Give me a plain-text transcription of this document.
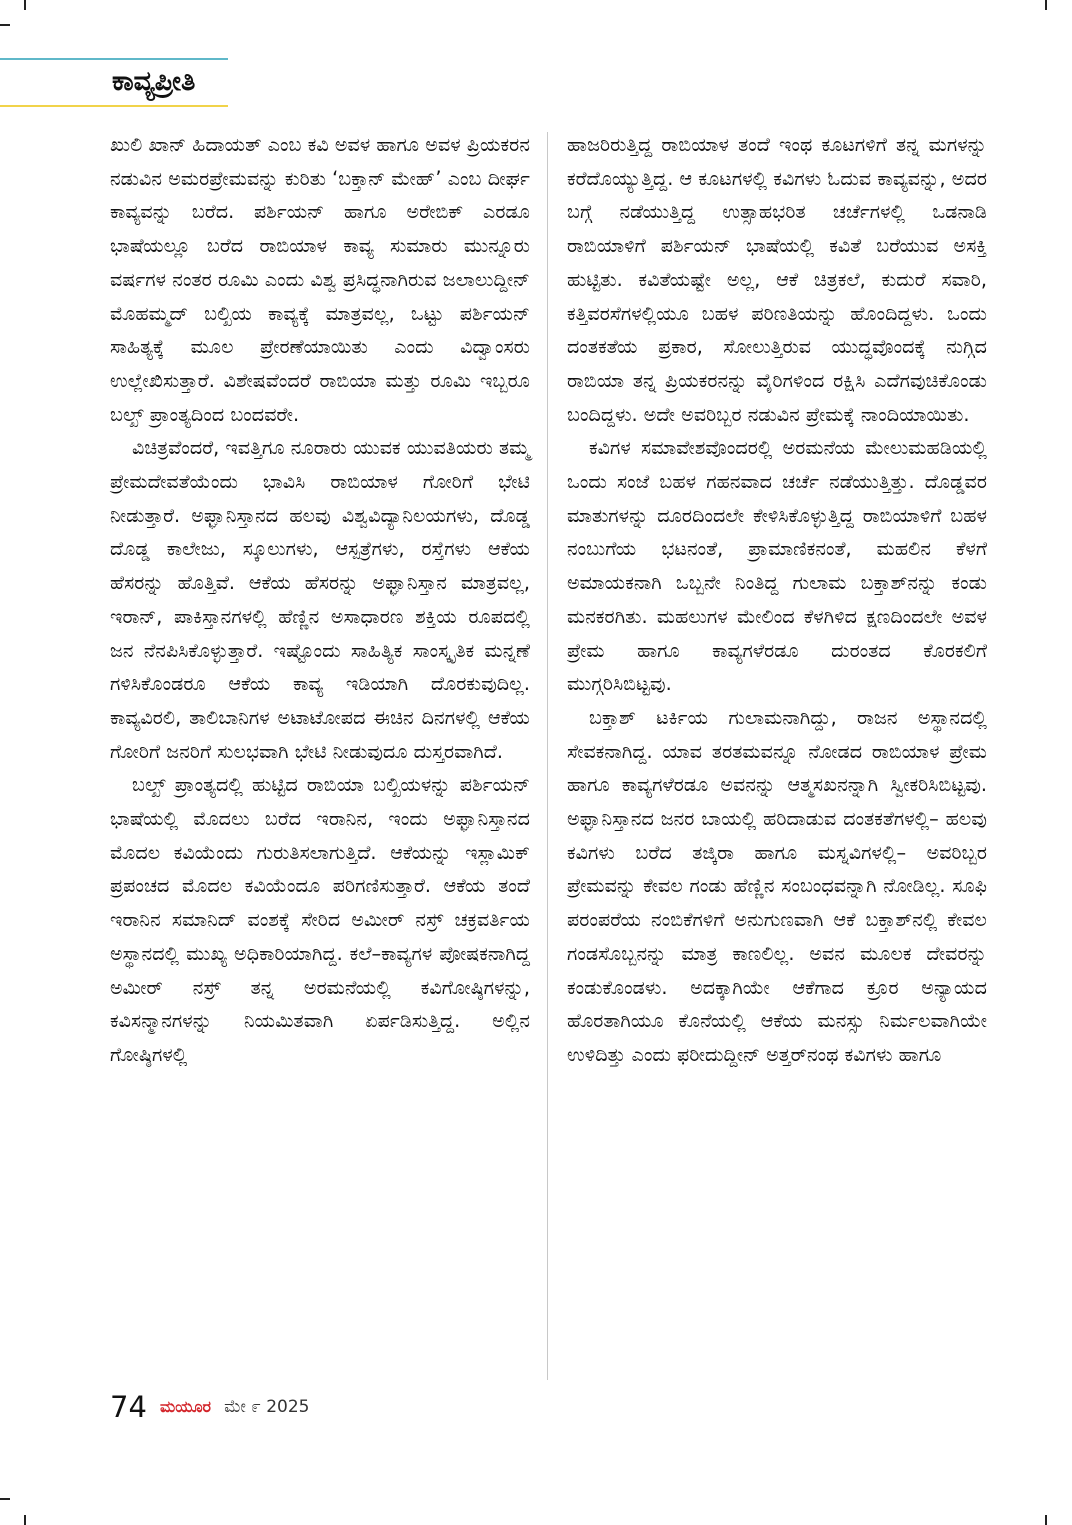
ಕಾವ್ಯಪ್ರೀತಿ

ಖುಲಿ ಖಾನ್ ಹಿದಾಯತ್ ಎಂಬ ಕವಿ ಅವಳ ಹಾಗೂ ಅವಳ ಪ್ರಿಯಕರನ ನಡುವಿನ ಅಮರಪ್ರೇಮವನ್ನು ಕುರಿತು ‘ಬಕ್ತಾನ್ ಮೇಹ್’ ಎಂಬ ದೀರ್ಘ ಕಾವ್ಯವನ್ನು ಬರೆದ. ಪರ್ಶಿಯನ್ ಹಾಗೂ ಅರೇಬಿಕ್ ಎರಡೂ ಭಾಷೆಯಲ್ಲೂ ಬರೆದ ರಾಬಿಯಾಳ ಕಾವ್ಯ ಸುಮಾರು ಮುನ್ನೂರು ವರ್ಷಗಳ ನಂತರ ರೂಮಿ ಎಂದು ವಿಶ್ವ ಪ್ರಸಿದ್ಧನಾಗಿರುವ ಜಲಾಲುದ್ದೀನ್ ಮೊಹಮ್ಮದ್ ಬಲ್ಖಿಯ ಕಾವ್ಯಕ್ಕೆ ಮಾತ್ರವಲ್ಲ, ಒಟ್ಟು ಪರ್ಶಿಯನ್ ಸಾಹಿತ್ಯಕ್ಕೆ ಮೂಲ ಪ್ರೇರಣೆಯಾಯಿತು ಎಂದು ವಿದ್ವಾಂಸರು ಉಲ್ಲೇಖಿಸುತ್ತಾರೆ. ವಿಶೇಷವೆಂದರೆ ರಾಬಿಯಾ ಮತ್ತು ರೂಮಿ ಇಬ್ಬರೂ ಬಲ್ಖ್ ಪ್ರಾಂತ್ಯದಿಂದ ಬಂದವರೇ.

ವಿಚಿತ್ರವೆಂದರೆ, ಇವತ್ತಿಗೂ ನೂರಾರು ಯುವಕ ಯುವತಿಯರು ತಮ್ಮ ಪ್ರೇಮದೇವತೆಯೆಂದು ಭಾವಿಸಿ ರಾಬಿಯಾಳ ಗೋರಿಗೆ ಭೇಟಿ ನೀಡುತ್ತಾರೆ. ಅಫ್ಘಾನಿಸ್ತಾನದ ಹಲವು ವಿಶ್ವವಿದ್ಯಾನಿಲಯಗಳು, ದೊಡ್ಡ ದೊಡ್ಡ ಕಾಲೇಜು, ಸ್ಕೂಲುಗಳು, ಆಸ್ಪತ್ರೆಗಳು, ರಸ್ತೆಗಳು ಆಕೆಯ ಹೆಸರನ್ನು ಹೊತ್ತಿವೆ. ಆಕೆಯ ಹೆಸರನ್ನು ಅಫ್ಘಾನಿಸ್ತಾನ ಮಾತ್ರವಲ್ಲ, ಇರಾನ್, ಪಾಕಿಸ್ತಾನಗಳಲ್ಲಿ ಹೆಣ್ಣಿನ ಅಸಾಧಾರಣ ಶಕ್ತಿಯ ರೂಪದಲ್ಲಿ ಜನ ನೆನಪಿಸಿಕೊಳ್ಳುತ್ತಾರೆ. ಇಷ್ಟೊಂದು ಸಾಹಿತ್ಯಿಕ ಸಾಂಸ್ಕೃತಿಕ ಮನ್ನಣೆ ಗಳಿಸಿಕೊಂಡರೂ ಆಕೆಯ ಕಾವ್ಯ ಇಡಿಯಾಗಿ ದೊರಕುವುದಿಲ್ಲ. ಕಾವ್ಯವಿರಲಿ, ತಾಲಿಬಾನಿಗಳ ಅಟಾಟೋಪದ ಈಚಿನ ದಿನಗಳಲ್ಲಿ ಆಕೆಯ ಗೋರಿಗೆ ಜನರಿಗೆ ಸುಲಭವಾಗಿ ಭೇಟಿ ನೀಡುವುದೂ ದುಸ್ತರವಾಗಿದೆ.

ಬಲ್ಖ್ ಪ್ರಾಂತ್ಯದಲ್ಲಿ ಹುಟ್ಟಿದ ರಾಬಿಯಾ ಬಲ್ಖಿಯಳನ್ನು ಪರ್ಶಿಯನ್ ಭಾಷೆಯಲ್ಲಿ ಮೊದಲು ಬರೆದ ಇರಾನಿನ, ಇಂದು ಅಫ್ಘಾನಿಸ್ತಾನದ ಮೊದಲ ಕವಿಯೆಂದು ಗುರುತಿಸಲಾಗುತ್ತಿದೆ. ಆಕೆಯನ್ನು ಇಸ್ಲಾಮಿಕ್ ಪ್ರಪಂಚದ ಮೊದಲ ಕವಿಯೆಂದೂ ಪರಿಗಣಿಸುತ್ತಾರೆ. ಆಕೆಯ ತಂದೆ ಇರಾನಿನ ಸಮಾನಿದ್ ವಂಶಕ್ಕೆ ಸೇರಿದ ಅಮೀರ್ ನಸ್ರ್ ಚಕ್ರವರ್ತಿಯ ಅಸ್ಥಾನದಲ್ಲಿ ಮುಖ್ಯ ಅಧಿಕಾರಿಯಾಗಿದ್ದ. ಕಲೆ–ಕಾವ್ಯಗಳ ಪೋಷಕನಾಗಿದ್ದ ಅಮೀರ್ ನಸ್ರ್ ತನ್ನ ಅರಮನೆಯಲ್ಲಿ ಕವಿಗೋಷ್ಠಿಗಳನ್ನು, ಕವಿಸನ್ಮಾನಗಳನ್ನು ನಿಯಮಿತವಾಗಿ ಏರ್ಪಡಿಸುತ್ತಿದ್ದ. ಅಲ್ಲಿನ ಗೋಷ್ಠಿಗಳಲ್ಲಿ

ಹಾಜರಿರುತ್ತಿದ್ದ ರಾಬಿಯಾಳ ತಂದೆ ಇಂಥ ಕೂಟಗಳಿಗೆ ತನ್ನ ಮಗಳನ್ನು ಕರೆದೊಯ್ಯುತ್ತಿದ್ದ. ಆ ಕೂಟಗಳಲ್ಲಿ ಕವಿಗಳು ಓದುವ ಕಾವ್ಯವನ್ನು, ಅದರ ಬಗ್ಗೆ ನಡೆಯುತ್ತಿದ್ದ ಉತ್ಸಾಹಭರಿತ ಚರ್ಚೆಗಳಲ್ಲಿ ಒಡನಾಡಿ ರಾಬಿಯಾಳಿಗೆ ಪರ್ಶಿಯನ್ ಭಾಷೆಯಲ್ಲಿ ಕವಿತೆ ಬರೆಯುವ ಅಸಕ್ತಿ ಹುಟ್ಟಿತು. ಕವಿತೆಯಷ್ಟೇ ಅಲ್ಲ, ಆಕೆ ಚಿತ್ರಕಲೆ, ಕುದುರೆ ಸವಾರಿ, ಕತ್ತಿವರಸೆಗಳಲ್ಲಿಯೂ ಬಹಳ ಪರಿಣತಿಯನ್ನು ಹೊಂದಿದ್ದಳು. ಒಂದು ದಂತಕತೆಯ ಪ್ರಕಾರ, ಸೋಲುತ್ತಿರುವ ಯುದ್ಧವೊಂದಕ್ಕೆ ನುಗ್ಗಿದ ರಾಬಿಯಾ ತನ್ನ ಪ್ರಿಯಕರನನ್ನು ವೈರಿಗಳಿಂದ ರಕ್ಷಿಸಿ ಎದೆಗವುಚಿಕೊಂಡು ಬಂದಿದ್ದಳು. ಅದೇ ಅವರಿಬ್ಬರ ನಡುವಿನ ಪ್ರೇಮಕ್ಕೆ ನಾಂದಿಯಾಯಿತು.

ಕವಿಗಳ ಸಮಾವೇಶವೊಂದರಲ್ಲಿ ಅರಮನೆಯ ಮೇಲುಮಹಡಿಯಲ್ಲಿ ಒಂದು ಸಂಜೆ ಬಹಳ ಗಹನವಾದ ಚರ್ಚೆ ನಡೆಯುತ್ತಿತ್ತು. ದೊಡ್ಡವರ ಮಾತುಗಳನ್ನು ದೂರದಿಂದಲೇ ಕೇಳಿಸಿಕೊಳ್ಳುತ್ತಿದ್ದ ರಾಬಿಯಾಳಿಗೆ ಬಹಳ ನಂಬುಗೆಯ ಭಟನಂತೆ, ಪ್ರಾಮಾಣಿಕನಂತೆ, ಮಹಲಿನ ಕೆಳಗೆ ಅಮಾಯಕನಾಗಿ ಒಬ್ಬನೇ ನಿಂತಿದ್ದ ಗುಲಾಮ ಬಕ್ತಾಶ್‌ನನ್ನು ಕಂಡು ಮನಕರಗಿತು. ಮಹಲುಗಳ ಮೇಲಿಂದ ಕೆಳಗಿಳಿದ ಕ್ಷಣದಿಂದಲೇ ಅವಳ ಪ್ರೇಮ ಹಾಗೂ ಕಾವ್ಯಗಳೆರಡೂ ದುರಂತದ ಕೊರಕಲಿಗೆ ಮುಗ್ಗರಿಸಿಬಿಟ್ಟವು.

ಬಕ್ತಾಶ್ ಟರ್ಕಿಯ ಗುಲಾಮನಾಗಿದ್ದು, ರಾಜನ ಅಸ್ಥಾನದಲ್ಲಿ ಸೇವಕನಾಗಿದ್ದ. ಯಾವ ತರತಮವನ್ನೂ ನೋಡದ ರಾಬಿಯಾಳ ಪ್ರೇಮ ಹಾಗೂ ಕಾವ್ಯಗಳೆರಡೂ ಅವನನ್ನು ಆತ್ಮಸಖನನ್ನಾಗಿ ಸ್ವೀಕರಿಸಿಬಿಟ್ಟವು. ಅಫ್ಘಾನಿಸ್ತಾನದ ಜನರ ಬಾಯಲ್ಲಿ ಹರಿದಾಡುವ ದಂತಕತೆಗಳಲ್ಲಿ– ಹಲವು ಕವಿಗಳು ಬರೆದ ತಜ್ಕಿರಾ ಹಾಗೂ ಮಸ್ನವಿಗಳಲ್ಲಿ– ಅವರಿಬ್ಬರ ಪ್ರೇಮವನ್ನು ಕೇವಲ ಗಂಡು ಹೆಣ್ಣಿನ ಸಂಬಂಧವನ್ನಾಗಿ ನೋಡಿಲ್ಲ. ಸೂಫಿ ಪರಂಪರೆಯ ನಂಬಿಕೆಗಳಿಗೆ ಅನುಗುಣವಾಗಿ ಆಕೆ ಬಕ್ತಾಶ್‌ನಲ್ಲಿ ಕೇವಲ ಗಂಡಸೊಬ್ಬನನ್ನು ಮಾತ್ರ ಕಾಣಲಿಲ್ಲ. ಅವನ ಮೂಲಕ ದೇವರನ್ನು ಕಂಡುಕೊಂಡಳು. ಅದಕ್ಕಾಗಿಯೇ ಆಕೆಗಾದ ಕ್ರೂರ ಅನ್ಯಾಯದ ಹೊರತಾಗಿಯೂ ಕೊನೆಯಲ್ಲಿ ಆಕೆಯ ಮನಸ್ಸು ನಿರ್ಮಲವಾಗಿಯೇ ಉಳಿದಿತ್ತು ಎಂದು ಫರೀದುದ್ದೀನ್ ಅತ್ತರ್‌ನಂಥ ಕವಿಗಳು ಹಾಗೂ

74 ಮಯೂರ ಮೇ ೯ 2025
